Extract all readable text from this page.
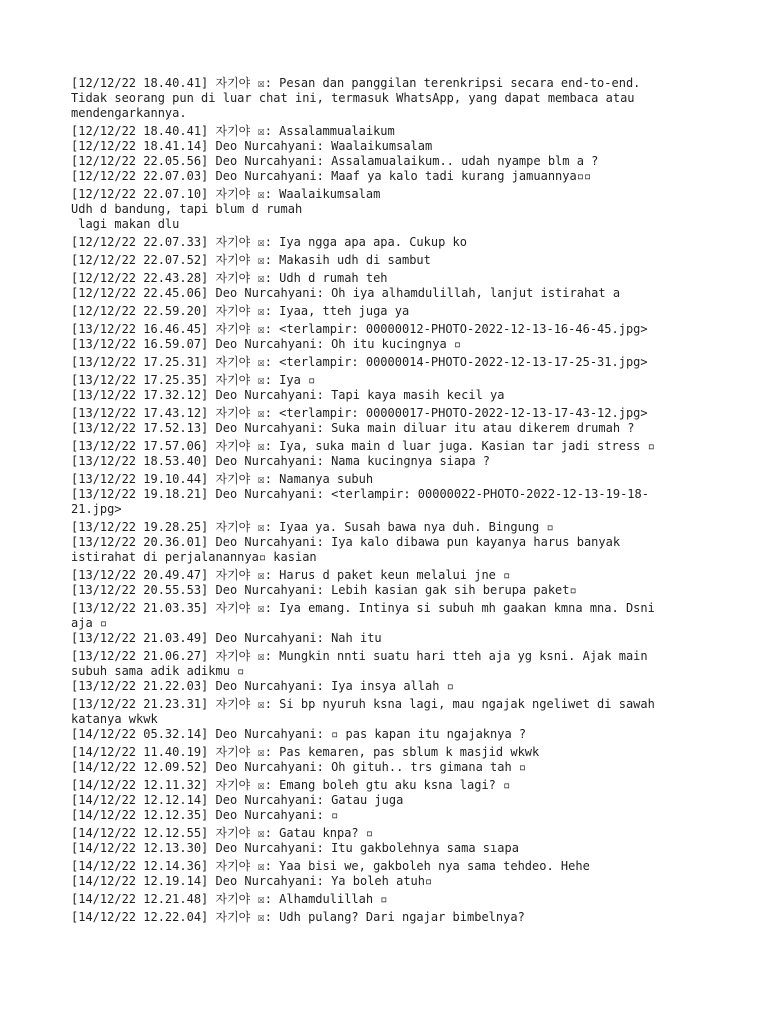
[12/12/22 18.40.41] 자기야 ☒: Pesan dan panggilan terenkripsi secara end-to-end.
Tidak seorang pun di luar chat ini, termasuk WhatsApp, yang dapat membaca atau
mendengarkannya.
[12/12/22 18.40.41] 자기야 ☒: Assalammualaikum
[12/12/22 18.41.14] Deo Nurcahyani: Waalaikumsalam
[12/12/22 22.05.56] Deo Nurcahyani: Assalamualaikum.. udah nyampe blm a ?
[12/12/22 22.07.03] Deo Nurcahyani: Maaf ya kalo tadi kurang jamuannya▫▫
[12/12/22 22.07.10] 자기야 ☒: Waalaikumsalam
Udh d bandung, tapi blum d rumah
lagi makan dlu
[12/12/22 22.07.33] 자기야 ☒: Iya ngga apa apa. Cukup ko
[12/12/22 22.07.52] 자기야 ☒: Makasih udh di sambut
[12/12/22 22.43.28] 자기야 ☒: Udh d rumah teh
[12/12/22 22.45.06] Deo Nurcahyani: Oh iya alhamdulillah, lanjut istirahat a
[12/12/22 22.59.20] 자기야 ☒: Iyaa, tteh juga ya
[13/12/22 16.46.45] 자기야 ☒: <terlampir: 00000012-PHOTO-2022-12-13-16-46-45.jpg>
[13/12/22 16.59.07] Deo Nurcahyani: Oh itu kucingnya ▫
[13/12/22 17.25.31] 자기야 ☒: <terlampir: 00000014-PHOTO-2022-12-13-17-25-31.jpg>
[13/12/22 17.25.35] 자기야 ☒: Iya ▫
[13/12/22 17.32.12] Deo Nurcahyani: Tapi kaya masih kecil ya
[13/12/22 17.43.12] 자기야 ☒: <terlampir: 00000017-PHOTO-2022-12-13-17-43-12.jpg>
[13/12/22 17.52.13] Deo Nurcahyani: Suka main diluar itu atau dikerem drumah ?
[13/12/22 17.57.06] 자기야 ☒: Iya, suka main d luar juga. Kasian tar jadi stress ▫
[13/12/22 18.53.40] Deo Nurcahyani: Nama kucingnya siapa ?
[13/12/22 19.10.44] 자기야 ☒: Namanya subuh
[13/12/22 19.18.21] Deo Nurcahyani: <terlampir: 00000022-PHOTO-2022-12-13-19-18-
21.jpg>
[13/12/22 19.28.25] 자기야 ☒: Iyaa ya. Susah bawa nya duh. Bingung ▫
[13/12/22 20.36.01] Deo Nurcahyani: Iya kalo dibawa pun kayanya harus banyak
istirahat di perjalanannya▫ kasian
[13/12/22 20.49.47] 자기야 ☒: Harus d paket keun melalui jne ▫
[13/12/22 20.55.53] Deo Nurcahyani: Lebih kasian gak sih berupa paket▫
[13/12/22 21.03.35] 자기야 ☒: Iya emang. Intinya si subuh mh gaakan kmna mna. Dsni
aja ▫
[13/12/22 21.03.49] Deo Nurcahyani: Nah itu
[13/12/22 21.06.27] 자기야 ☒: Mungkin nnti suatu hari tteh aja yg ksni. Ajak main
subuh sama adik adikmu ▫
[13/12/22 21.22.03] Deo Nurcahyani: Iya insya allah ▫
[13/12/22 21.23.31] 자기야 ☒: Si bp nyuruh ksna lagi, mau ngajak ngeliwet di sawah
katanya wkwk
[14/12/22 05.32.14] Deo Nurcahyani: ▫ pas kapan itu ngajaknya ?
[14/12/22 11.40.19] 자기야 ☒: Pas kemaren, pas sblum k masjid wkwk
[14/12/22 12.09.52] Deo Nurcahyani: Oh gituh.. trs gimana tah ▫
[14/12/22 12.11.32] 자기야 ☒: Emang boleh gtu aku ksna lagi? ▫
[14/12/22 12.12.14] Deo Nurcahyani: Gatau juga
[14/12/22 12.12.35] Deo Nurcahyani: ▫
[14/12/22 12.12.55] 자기야 ☒: Gatau knpa? ▫
[14/12/22 12.13.30] Deo Nurcahyani: Itu gakbolehnya sama sıapa
[14/12/22 12.14.36] 자기야 ☒: Yaa bisi we, gakboleh nya sama tehdeo. Hehe
[14/12/22 12.19.14] Deo Nurcahyani: Ya boleh atuh▫
[14/12/22 12.21.48] 자기야 ☒: Alhamdulillah ▫
[14/12/22 12.22.04] 자기야 ☒: Udh pulang? Dari ngajar bimbelnya?
